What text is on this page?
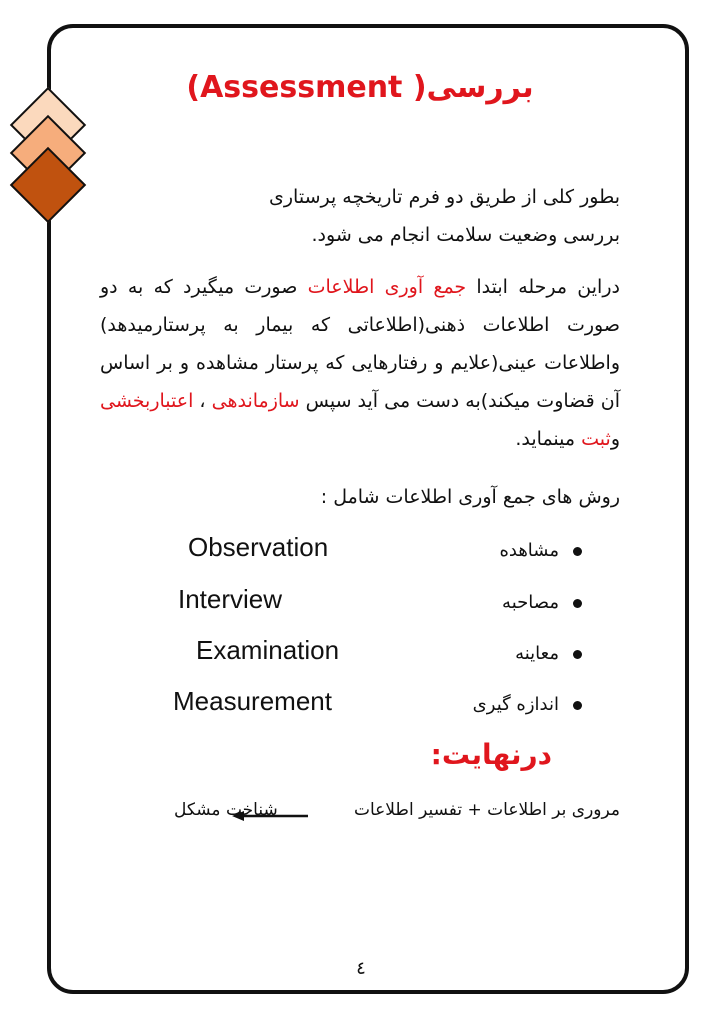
بررسی( Assessment)
بطور کلی از طریق دو فرم تاریخچه پرستاری بررسی وضعیت سلامت انجام می شود.
دراین مرحله ابتدا جمع آوری اطلاعات صورت میگیرد که به دو صورت اطلاعات ذهنی(اطلاعاتی که بیمار به پرستارمیدهد) واطلاعات عینی(علایم و رفتارهایی که پرستار مشاهده و بر اساس آن قضاوت میکند)به دست می آید سپس سازماندهی ، اعتباربخشی وثبت مینماید.
روش های جمع آوری اطلاعات شامل :
مشاهده
Observation
مصاحبه
Interview
معاینه
Examination
اندازه گیری
Measurement
درنهایت:
مروری بر اطلاعات + تفسیر اطلاعات
شناخت مشکل
٤
